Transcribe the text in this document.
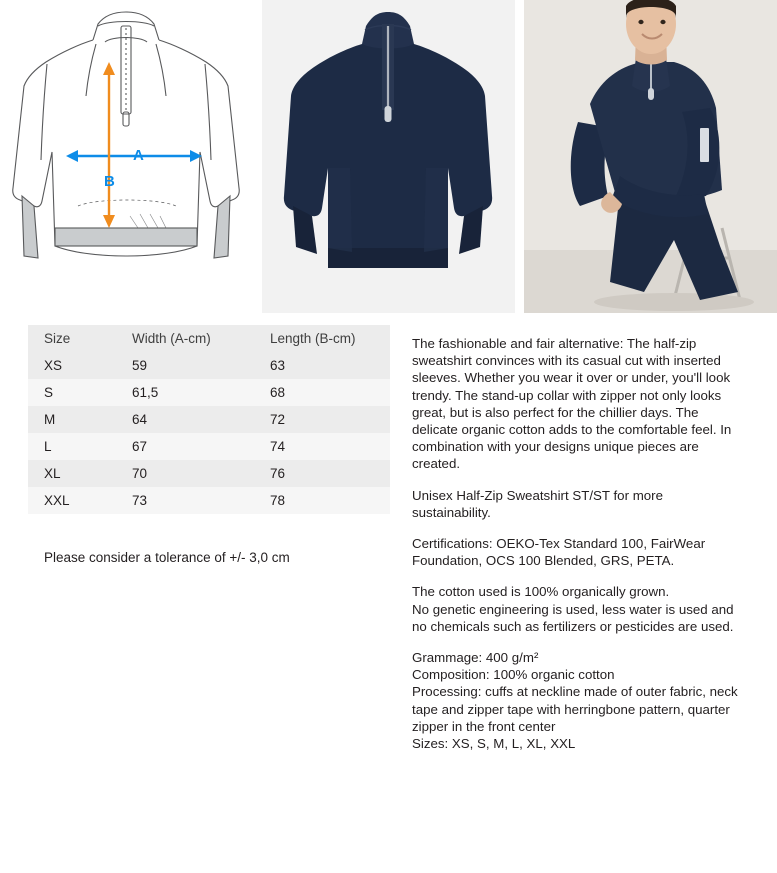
A
B
Size	Width (A-cm)	Length (B-cm)
XS	59	63
S	61,5	68
M	64	72
L	67	74
XL	70	76
XXL	73	78
Please consider a tolerance of +/- 3,0 cm

The fashionable and fair alternative: The half-zip sweatshirt convinces with its casual cut with inserted sleeves. Whether you wear it over or under, you'll look trendy. The stand-up collar with zipper not only looks great, but is also perfect for the chillier days. The delicate organic cotton adds to the comfortable feel. In combination with your designs unique pieces are created.

Unisex Half-Zip Sweatshirt ST/ST for more sustainability.

Certifications: OEKO-Tex Standard 100, FairWear Foundation, OCS 100 Blended, GRS, PETA.

The cotton used is 100% organically grown.

No genetic engineering is used, less water is used and no chemicals such as fertilizers or pesticides are used.

Grammage: 400 g/m²

Composition: 100% organic cotton

Processing: cuffs at neckline made of outer fabric, neck tape and zipper tape with herringbone pattern, quarter zipper in the front center

Sizes: XS, S, M, L, XL, XXL
